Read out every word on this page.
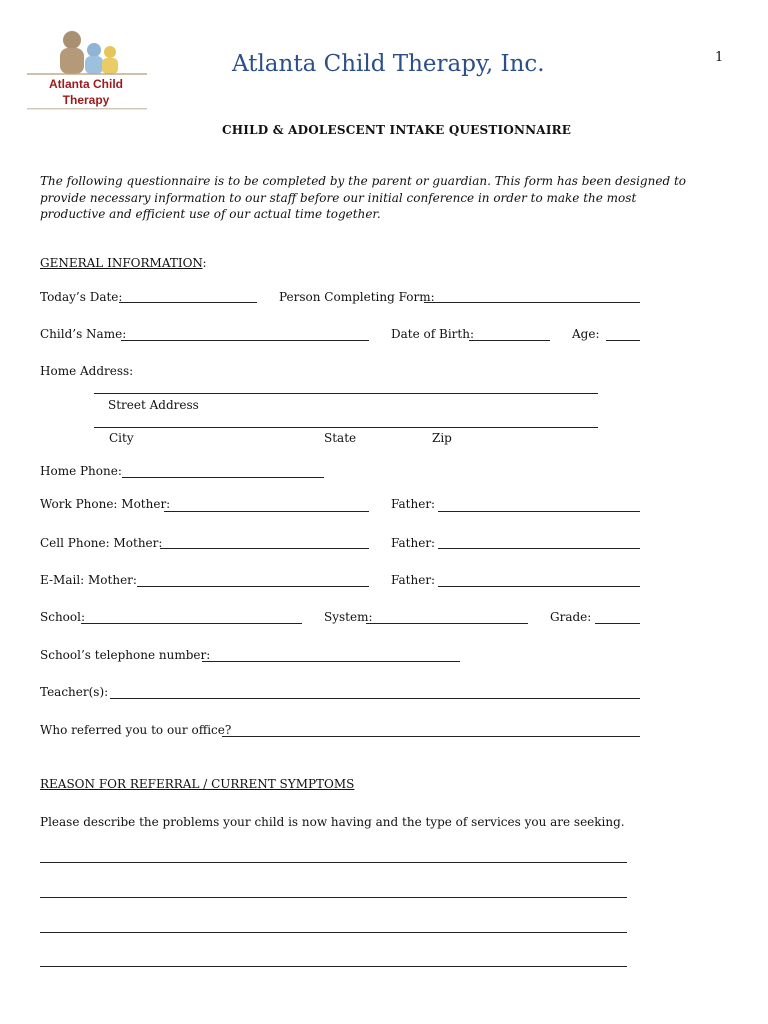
Atlanta Child
Therapy
Atlanta Child Therapy, Inc.	1
CHILD & ADOLESCENT INTAKE QUESTIONNAIRE
The following questionnaire is to be completed by the parent or guardian. This form has been designed to provide necessary information to our staff before our initial conference in order to make the most productive and efficient use of our actual time together.
GENERAL INFORMATION:
Today’s Date:	Person Completing Form:
Child’s Name:	Date of Birth:	Age:
Home Address:
Street Address
City	State	Zip
Home Phone:
Work Phone: Mother:	Father:
Cell Phone: Mother:	Father:
E-Mail: Mother:	Father:
School:	System:	Grade:
School’s telephone number:
Teacher(s):
Who referred you to our office?
REASON FOR REFERRAL / CURRENT SYMPTOMS
Please describe the problems your child is now having and the type of services you are seeking.
